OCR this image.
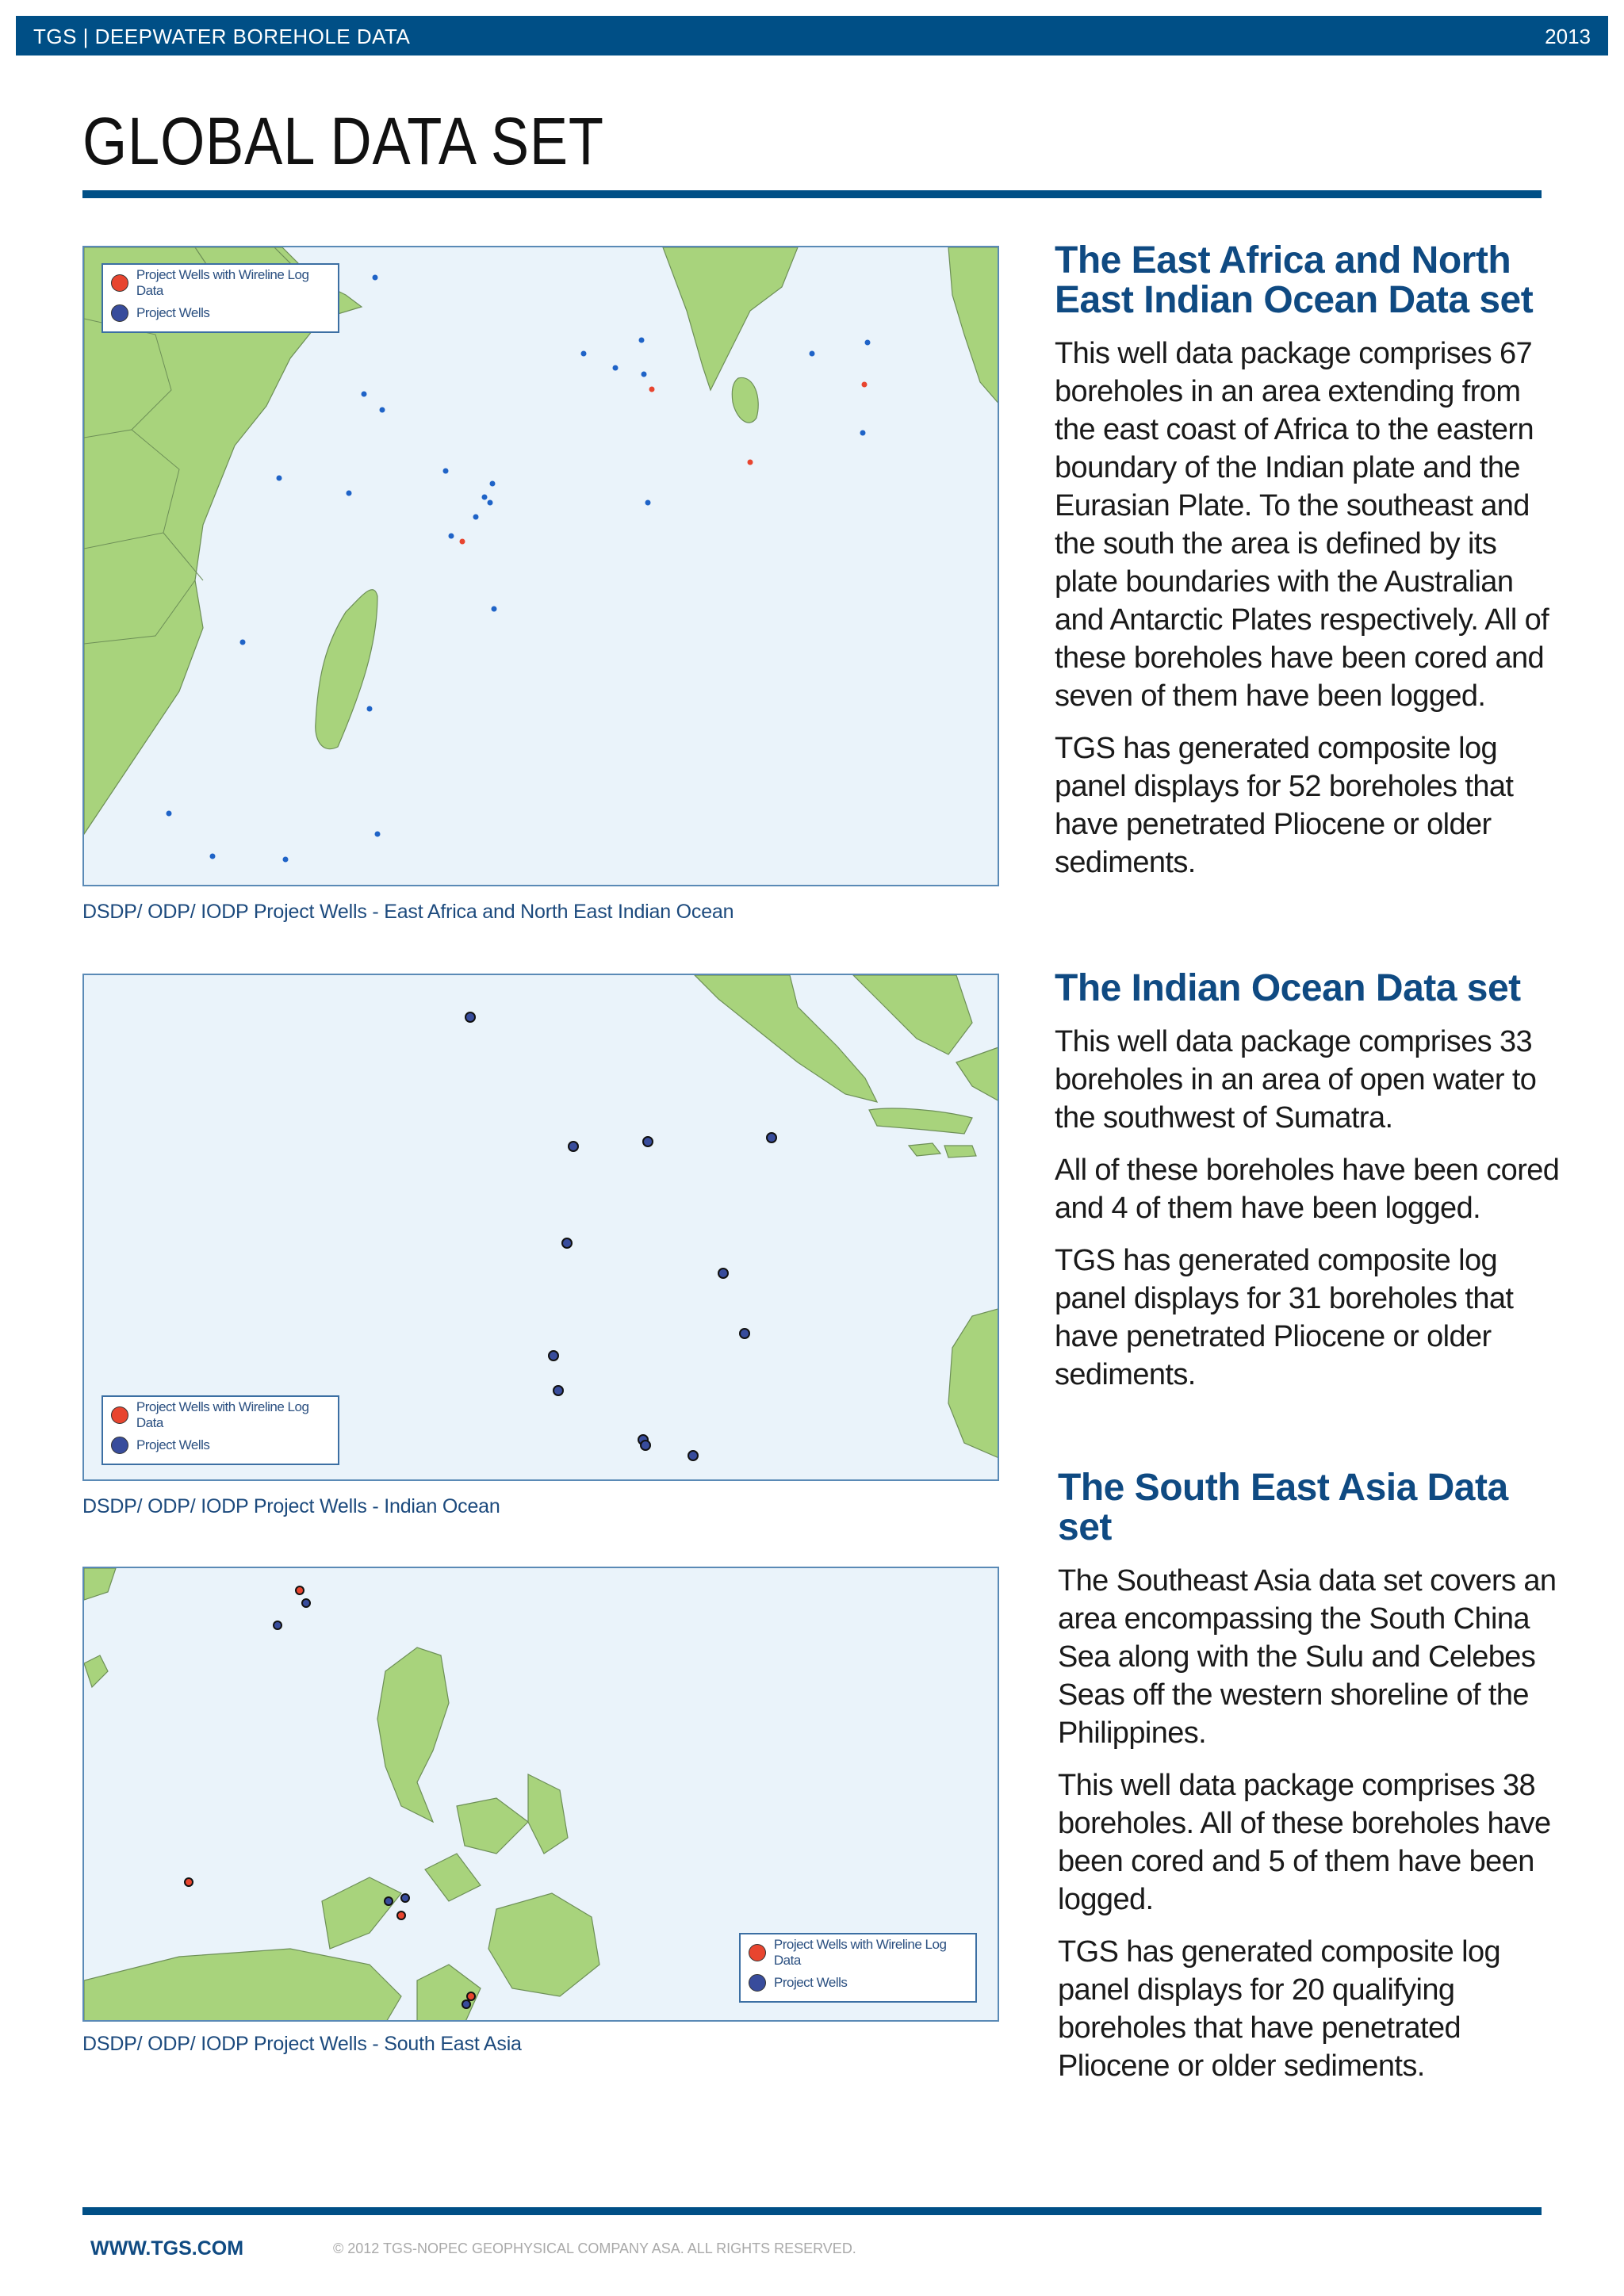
TGS | DEEPWATER BOREHOLE DATA	2013
GLOBAL DATA SET
Project Wells with Wireline Log Data
Project Wells
DSDP/ ODP/ IODP Project Wells - East Africa and North East Indian Ocean
Project Wells with Wireline Log Data
Project Wells
DSDP/ ODP/ IODP Project Wells - Indian Ocean
Project Wells with Wireline Log Data
Project Wells
DSDP/ ODP/ IODP Project Wells - South East Asia
The East Africa and North East Indian Ocean Data set

This well data package comprises 67 boreholes in an area extending from the east coast of Africa to the eastern boundary of the Indian plate and the Eurasian Plate. To the southeast and the south the area is defined by its plate boundaries with the Australian and Antarctic Plates respectively. All of these boreholes have been cored and seven of them have been logged.

TGS has generated composite log panel displays for 52 boreholes that have penetrated Pliocene or older sediments.

The Indian Ocean Data set

This well data package comprises 33 boreholes in an area of open water to the southwest of Sumatra.

All of these boreholes have been cored and 4 of them have been logged.

TGS has generated composite log panel displays for 31 boreholes that have penetrated Pliocene or older sediments.

The South East Asia Data set

The Southeast Asia data set covers an area encompassing the South China Sea along with the Sulu and Celebes Seas off the western shoreline of the Philippines.

This well data package comprises 38 boreholes. All of these boreholes have been cored and 5 of them have been logged.

TGS has generated composite log panel displays for 20 qualifying boreholes that have penetrated Pliocene or older sediments.

WWW.TGS.COM	© 2012 TGS-NOPEC GEOPHYSICAL COMPANY ASA. ALL RIGHTS RESERVED.
